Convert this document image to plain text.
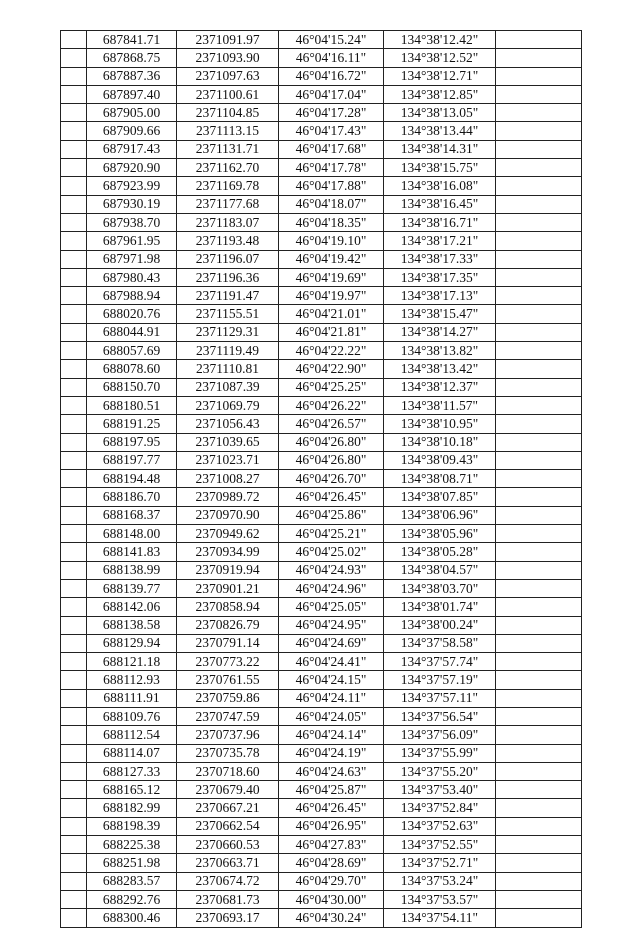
	687841.71	2371091.97	46°04'15.24"	134°38'12.42"	
	687868.75	2371093.90	46°04'16.11"	134°38'12.52"	
	687887.36	2371097.63	46°04'16.72"	134°38'12.71"	
	687897.40	2371100.61	46°04'17.04"	134°38'12.85"	
	687905.00	2371104.85	46°04'17.28"	134°38'13.05"	
	687909.66	2371113.15	46°04'17.43"	134°38'13.44"	
	687917.43	2371131.71	46°04'17.68"	134°38'14.31"	
	687920.90	2371162.70	46°04'17.78"	134°38'15.75"	
	687923.99	2371169.78	46°04'17.88"	134°38'16.08"	
	687930.19	2371177.68	46°04'18.07"	134°38'16.45"	
	687938.70	2371183.07	46°04'18.35"	134°38'16.71"	
	687961.95	2371193.48	46°04'19.10"	134°38'17.21"	
	687971.98	2371196.07	46°04'19.42"	134°38'17.33"	
	687980.43	2371196.36	46°04'19.69"	134°38'17.35"	
	687988.94	2371191.47	46°04'19.97"	134°38'17.13"	
	688020.76	2371155.51	46°04'21.01"	134°38'15.47"	
	688044.91	2371129.31	46°04'21.81"	134°38'14.27"	
	688057.69	2371119.49	46°04'22.22"	134°38'13.82"	
	688078.60	2371110.81	46°04'22.90"	134°38'13.42"	
	688150.70	2371087.39	46°04'25.25"	134°38'12.37"	
	688180.51	2371069.79	46°04'26.22"	134°38'11.57"	
	688191.25	2371056.43	46°04'26.57"	134°38'10.95"	
	688197.95	2371039.65	46°04'26.80"	134°38'10.18"	
	688197.77	2371023.71	46°04'26.80"	134°38'09.43"	
	688194.48	2371008.27	46°04'26.70"	134°38'08.71"	
	688186.70	2370989.72	46°04'26.45"	134°38'07.85"	
	688168.37	2370970.90	46°04'25.86"	134°38'06.96"	
	688148.00	2370949.62	46°04'25.21"	134°38'05.96"	
	688141.83	2370934.99	46°04'25.02"	134°38'05.28"	
	688138.99	2370919.94	46°04'24.93"	134°38'04.57"	
	688139.77	2370901.21	46°04'24.96"	134°38'03.70"	
	688142.06	2370858.94	46°04'25.05"	134°38'01.74"	
	688138.58	2370826.79	46°04'24.95"	134°38'00.24"	
	688129.94	2370791.14	46°04'24.69"	134°37'58.58"	
	688121.18	2370773.22	46°04'24.41"	134°37'57.74"	
	688112.93	2370761.55	46°04'24.15"	134°37'57.19"	
	688111.91	2370759.86	46°04'24.11"	134°37'57.11"	
	688109.76	2370747.59	46°04'24.05"	134°37'56.54"	
	688112.54	2370737.96	46°04'24.14"	134°37'56.09"	
	688114.07	2370735.78	46°04'24.19"	134°37'55.99"	
	688127.33	2370718.60	46°04'24.63"	134°37'55.20"	
	688165.12	2370679.40	46°04'25.87"	134°37'53.40"	
	688182.99	2370667.21	46°04'26.45"	134°37'52.84"	
	688198.39	2370662.54	46°04'26.95"	134°37'52.63"	
	688225.38	2370660.53	46°04'27.83"	134°37'52.55"	
	688251.98	2370663.71	46°04'28.69"	134°37'52.71"	
	688283.57	2370674.72	46°04'29.70"	134°37'53.24"	
	688292.76	2370681.73	46°04'30.00"	134°37'53.57"	
	688300.46	2370693.17	46°04'30.24"	134°37'54.11"	
